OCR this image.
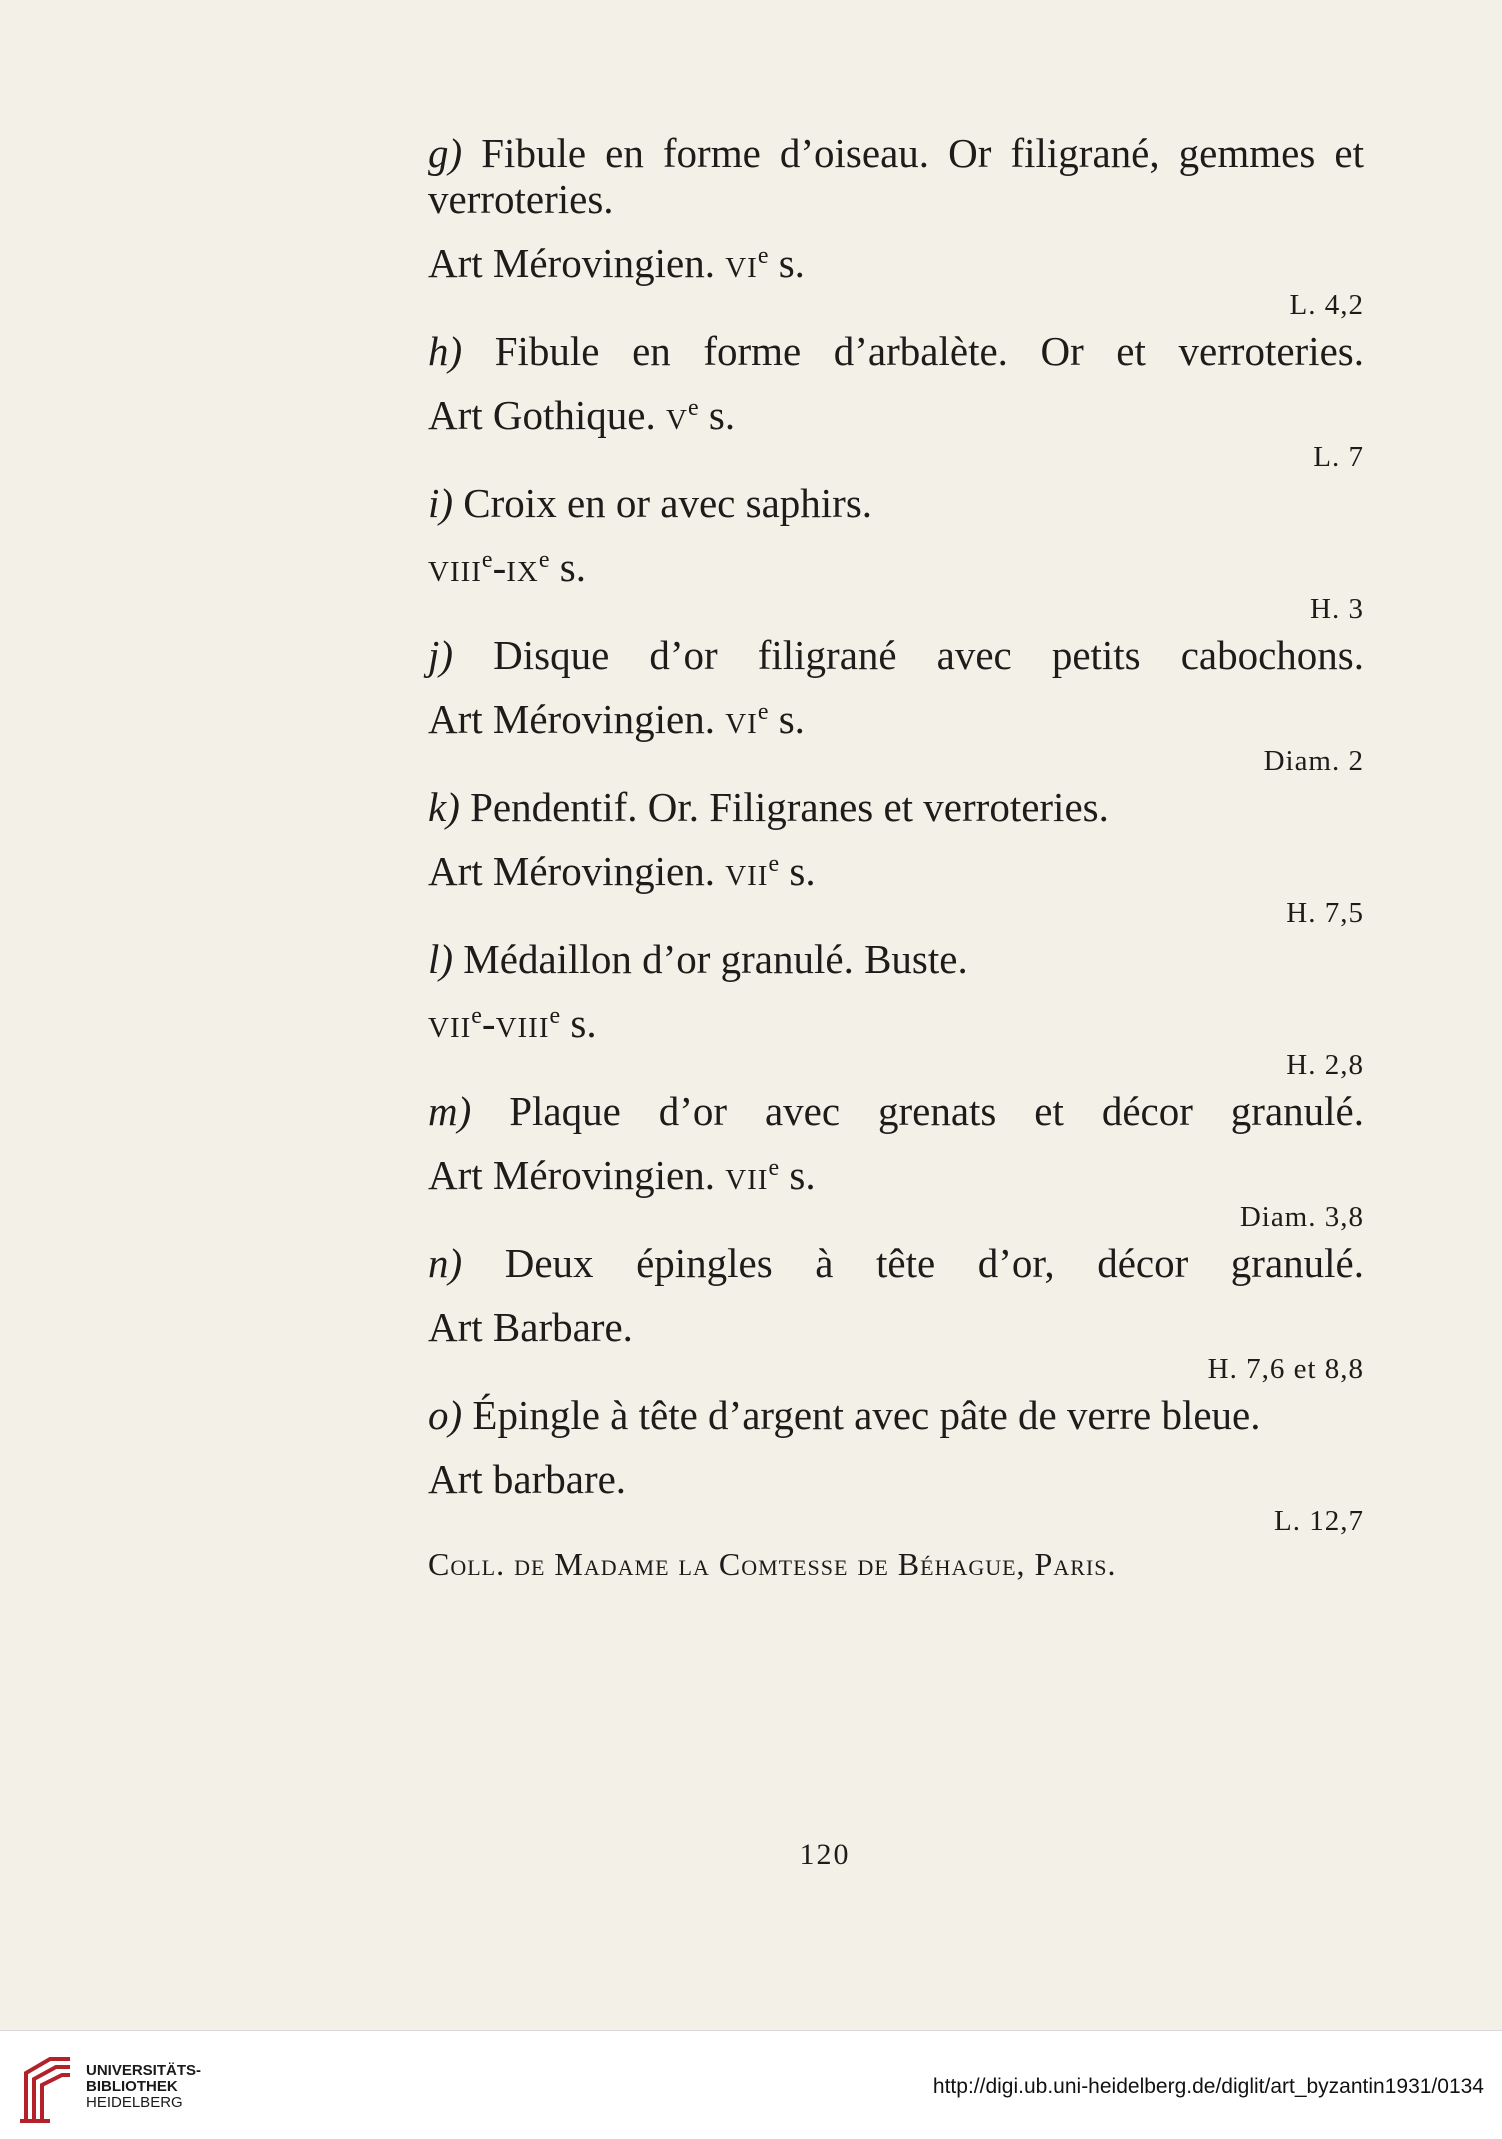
g) Fibule en forme d’oiseau. Or filigrané, gemmes et verroteries.

Art Mérovingien. $vi^e$ s.
L. 4,2

h) Fibule en forme d’arbalète. Or et verroteries.

Art Gothique. $v^e$ s.
L. 7

i) Croix en or avec saphirs.

$viii^e-ix^e$ s.
H. 3

j) Disque d’or filigrané avec petits cabochons.

Art Mérovingien. $vi^e$ s.
Diam. 2

k) Pendentif. Or. Filigranes et verroteries.

Art Mérovingien. vii$^e$ s.
H. 7,5

l) Médaillon d’or granulé. Buste.

vii$^e$-viii$^e$ s.
H. 2,8

m) Plaque d’or avec grenats et décor granulé.

Art Mérovingien. vii$^e$ s.
Diam. 3,8

n) Deux épingles à tête d’or, décor granulé.

Art Barbare.
H. 7,6 et 8,8

o) Épingle à tête d’argent avec pâte de verre bleue.

Art barbare.
L. 12,7
Coll. de Madame la Comtesse de Béhague, Paris.
120
UNIVERSITÄTS-
BIBLIOTHEK
HEIDELBERG
http://digi.ub.uni-heidelberg.de/diglit/art_byzantin1931/0134
